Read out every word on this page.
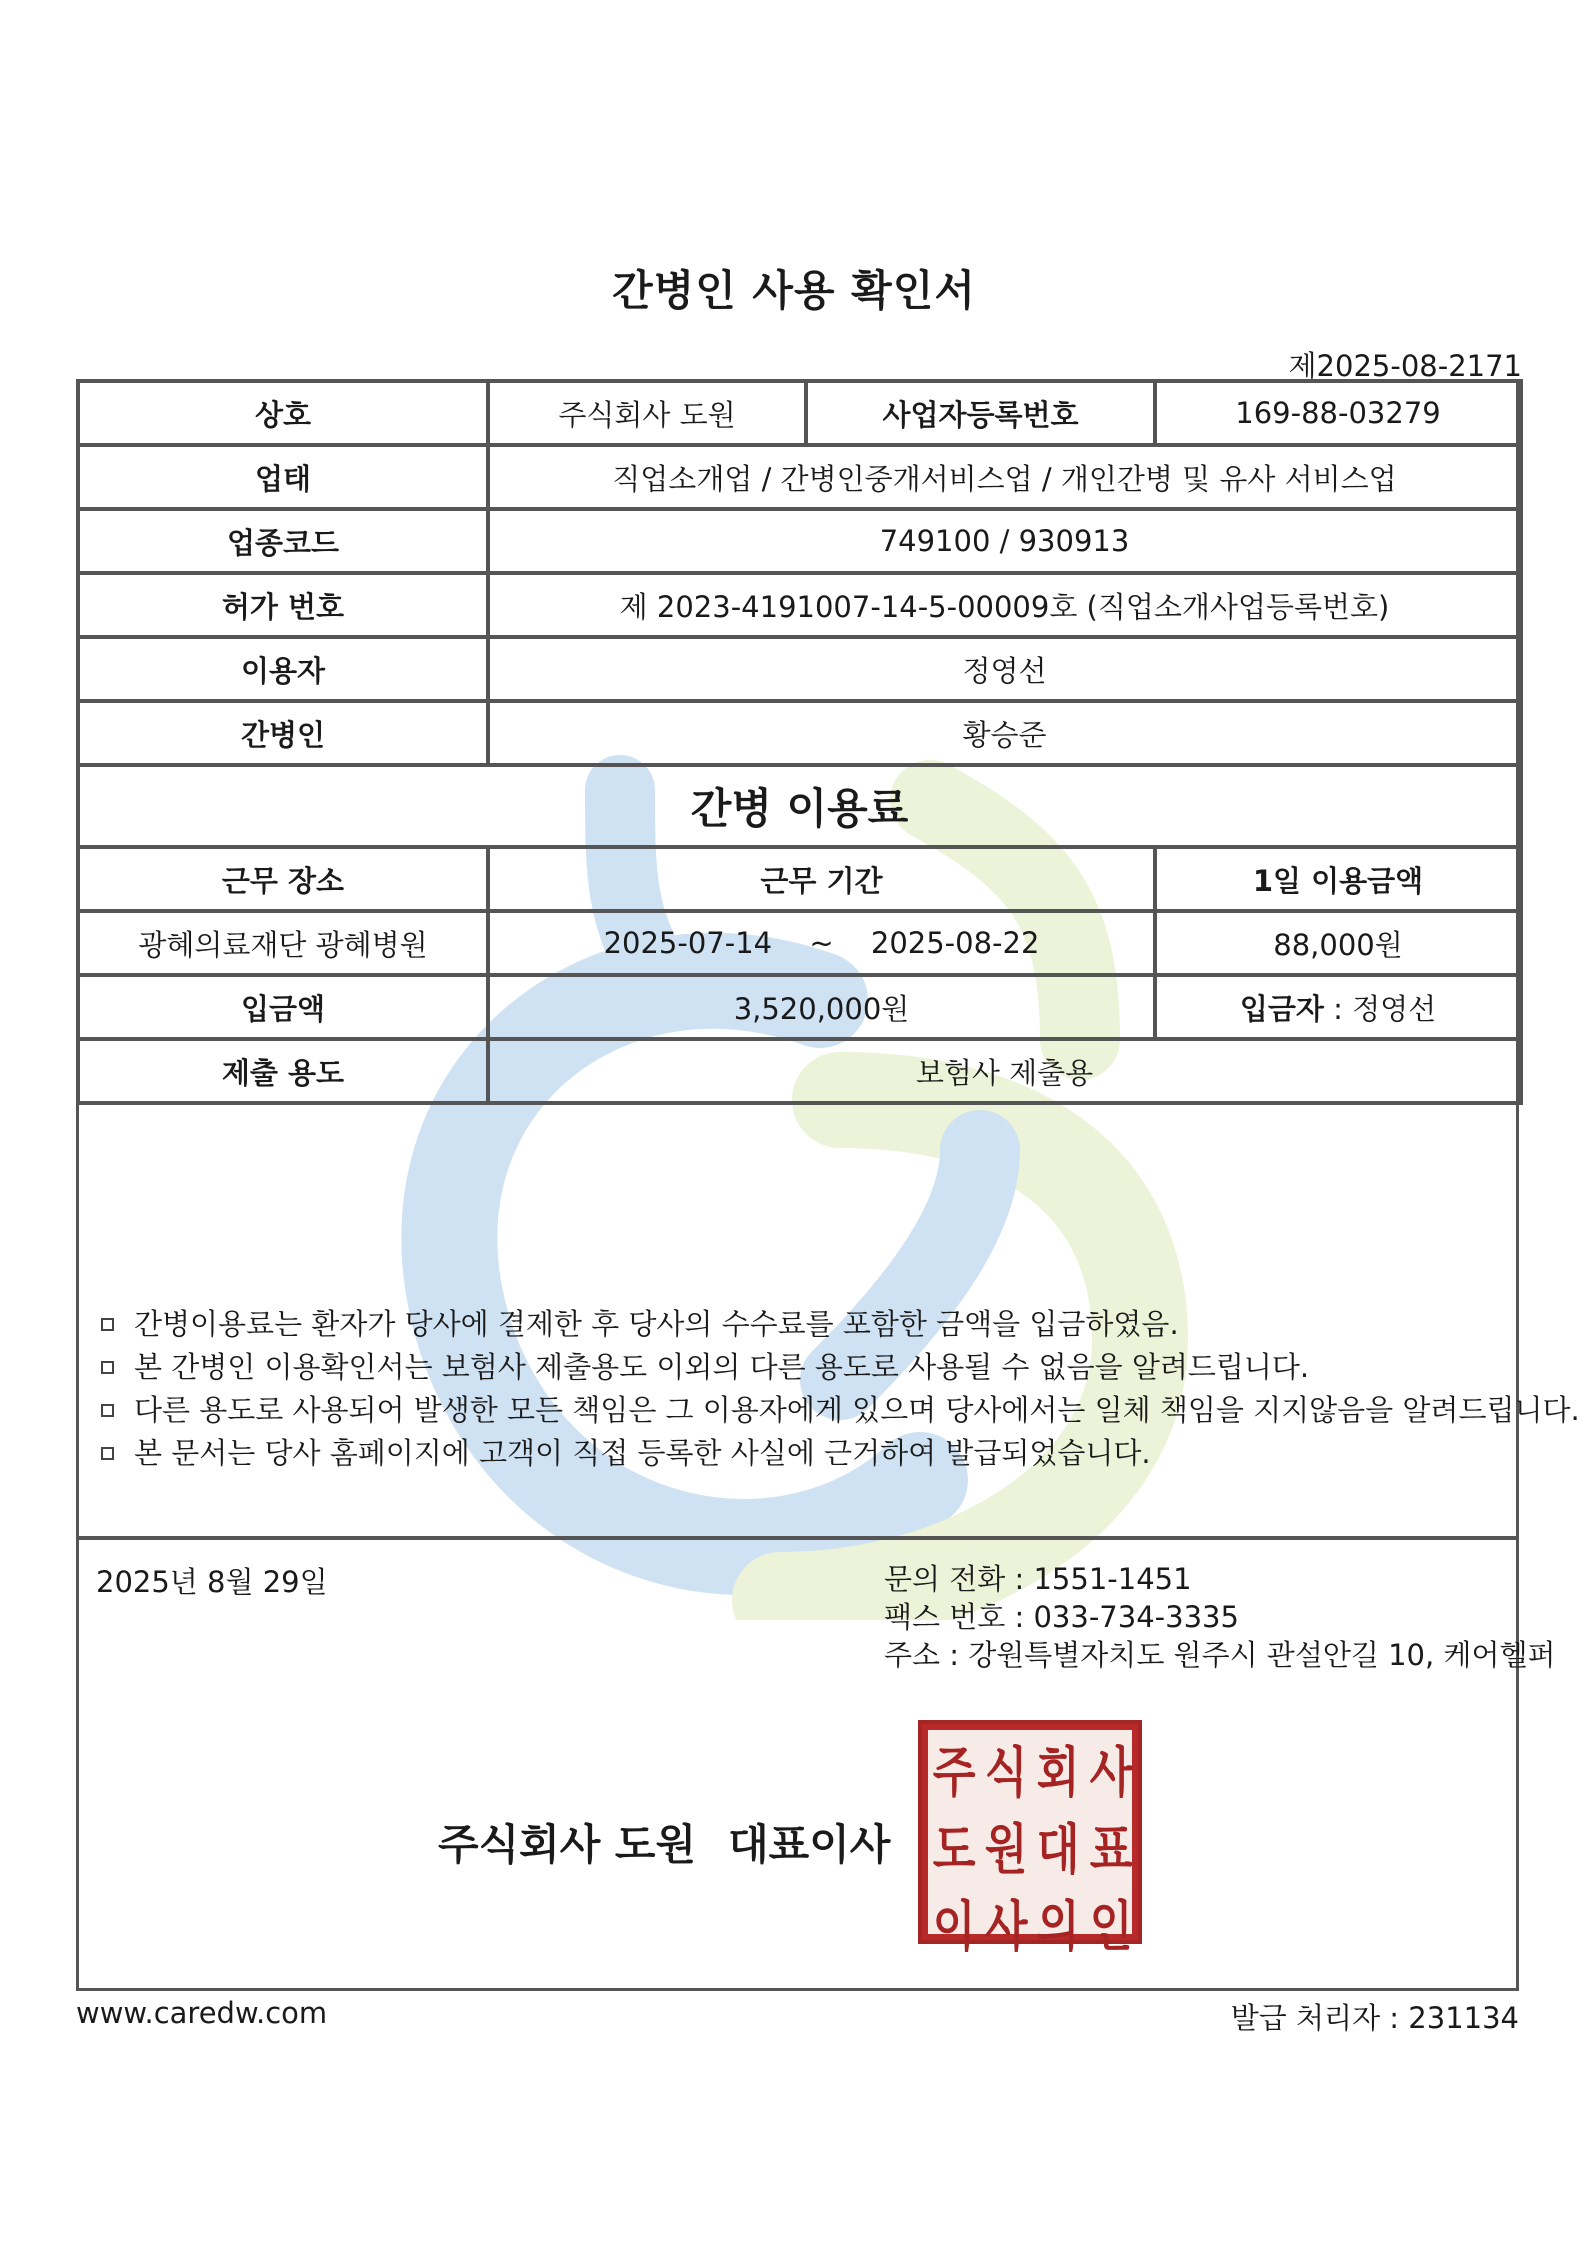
간병인 사용 확인서
제2025-08-2171
상호	주식회사 도원	사업자등록번호	169-88-03279
업태	직업소개업 / 간병인중개서비스업 / 개인간병 및 유사 서비스업		
업종코드	749100 / 930913		
허가 번호	제 2023-4191007-14-5-00009호 (직업소개사업등록번호)		
이용자	정영선		
간병인	황승준		
간병 이용료			
근무 장소	근무 기간		1일 이용금액
광혜의료재단 광혜병원	2025-07-14 ~ 2025-08-22		88,000원
입금액	3,520,000원		입금자 : 정영선
제출 용도	보험사 제출용		
간병이용료는 환자가 당사에 결제한 후 당사의 수수료를 포함한 금액을 입금하였음.
본 간병인 이용확인서는 보험사 제출용도 이외의 다른 용도로 사용될 수 없음을 알려드립니다.
다른 용도로 사용되어 발생한 모든 책임은 그 이용자에게 있으며 당사에서는 일체 책임을 지지않음을 알려드립니다.
본 문서는 당사 홈페이지에 고객이 직접 등록한 사실에 근거하여 발급되었습니다.
2025년 8월 29일	문의 전화 : 1551-1451
팩스 번호 : 033-734-3335
주소 : 강원특별자치도 원주시 관설안길 10, 케어헬퍼
주식회사 도원 대표이사
주 식 회 사
도 원 대 표
이 사 의 인
www.caredw.com	발급 처리자 : 231134
